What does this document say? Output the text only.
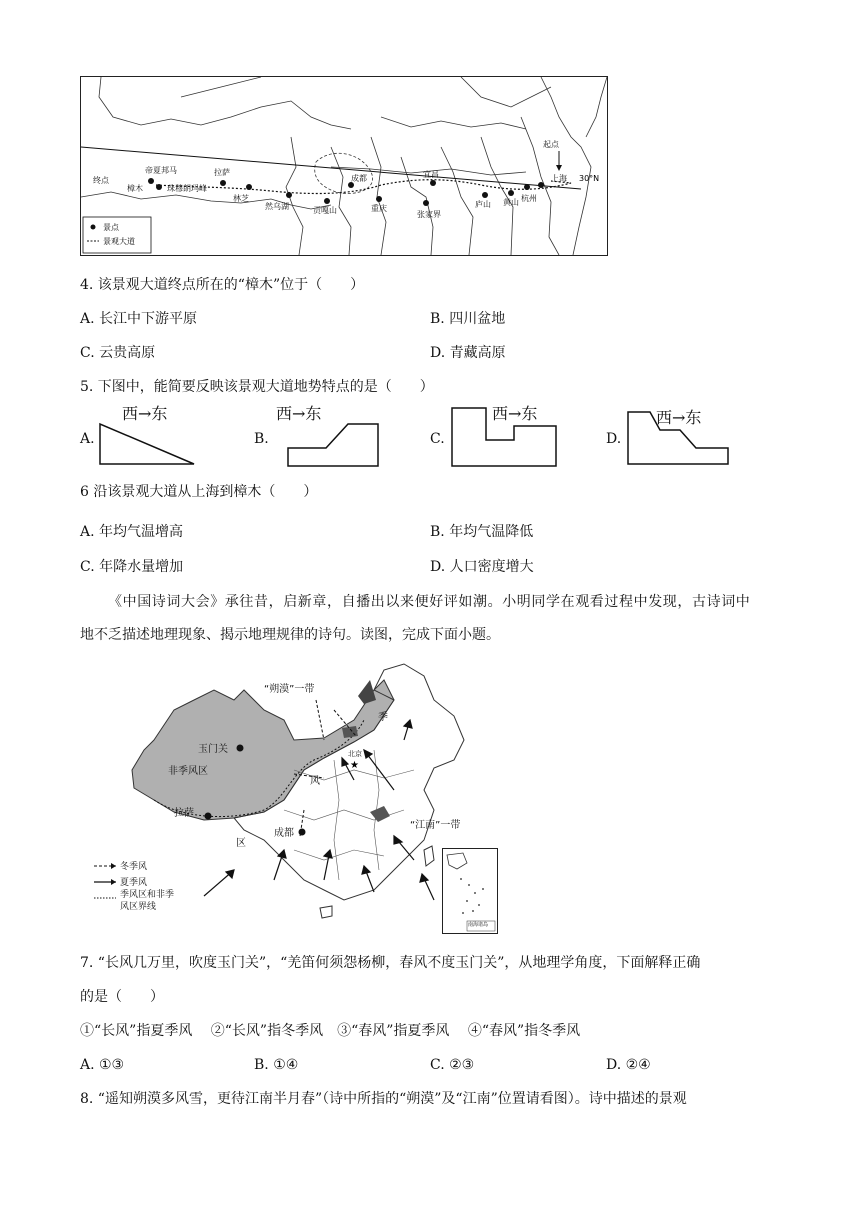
30°N
帝夏邦马	拉萨
樟木	珠穆朗玛峰
林芝
然乌湖	贡嘎山
成都
重庆
宜昌
张家界
庐山 黄山 杭州
上海
终点
起点
景点
景观大道
4. 该景观大道终点所在的“樟木”位于（　　）
A. 长江中下游平原	B. 四川盆地
C. 云贵高原	D. 青藏高原
5. 下图中，能简要反映该景观大道地势特点的是（　　）
A.
西→东
B.
西→东
C.
西→东
D.
西→东
6 沿该景观大道从上海到樟木（　　）
A. 年均气温增高	B. 年均气温降低
C. 年降水量增加	D. 人口密度增大
《中国诗词大会》承往昔，启新章，自播出以来便好评如潮。小明同学在观看过程中发现，古诗词中
地不乏描述地理现象、揭示地理规律的诗句。读图，完成下面小题。
★
“朔漠”一带
“江南”一带
玉门关
非季风区
拉萨
成都
北京
季
风
区
冬季风
夏季风
季风区和非季风区界线
南海诸岛
7. “长风几万里，吹度玉门关”，“羌笛何须怨杨柳，春风不度玉门关”，从地理学角度，下面解释正确
的是（　　）
①“长风”指夏季风　 ②“长风”指冬季风　③“春风”指夏季风　 ④“春风”指冬季风
A. ①③	B. ①④	C. ②③	D. ②④
8. “遥知朔漠多风雪，更待江南半月春”（诗中所指的“朔漠”及“江南”位置请看图）。诗中描述的景观
